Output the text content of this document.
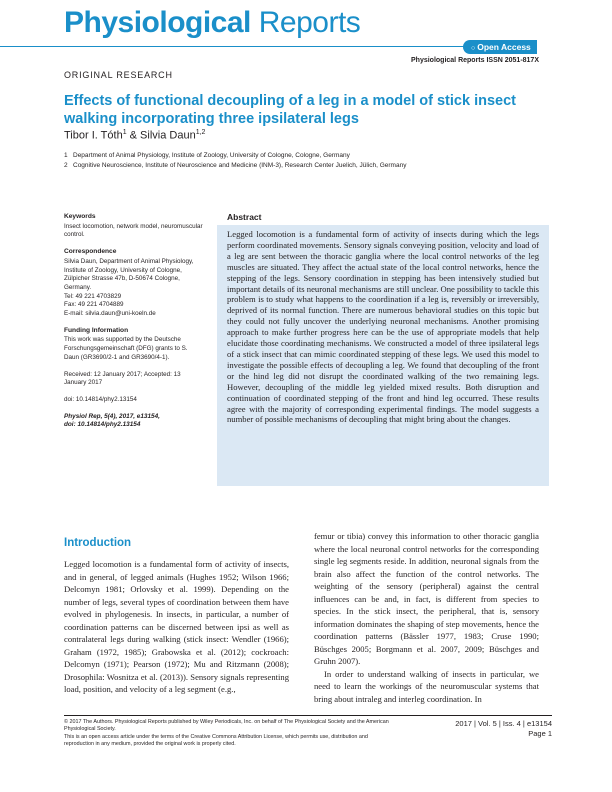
Physiological Reports
○ Open Access
Physiological Reports ISSN 2051-817X
ORIGINAL RESEARCH
Effects of functional decoupling of a leg in a model of stick insect walking incorporating three ipsilateral legs
Tibor I. Tóth$^1$ & Silvia Daun$^{1,2}$
1 Department of Animal Physiology, Institute of Zoology, University of Cologne, Cologne, Germany
2 Cognitive Neuroscience, Institute of Neuroscience and Medicine (INM-3), Research Center Juelich, Jülich, Germany
Keywords
Insect locomotion, network model, neuromuscular control.
Correspondence
Silvia Daun, Department of Animal Physiology, Institute of Zoology, University of Cologne, Zülpicher Strasse 47b, D-50674 Cologne, Germany.
Tel: 49 221 4703829
Fax: 49 221 4704889
E-mail: silvia.daun@uni-koeln.de
Funding Information
This work was supported by the Deutsche Forschungsgemeinschaft (DFG) grants to S. Daun (GR3690/2-1 and GR3690/4-1).
Received: 12 January 2017; Accepted: 13 January 2017
doi: 10.14814/phy2.13154
Physiol Rep, 5(4), 2017, e13154,
doi: 10.14814/phy2.13154
Abstract
Legged locomotion is a fundamental form of activity of insects during which the legs perform coordinated movements. Sensory signals conveying position, velocity and load of a leg are sent between the thoracic ganglia where the local control networks of the leg muscles are situated. They affect the actual state of the local control networks, hence the stepping of the legs. Sensory coordination in stepping has been intensively studied but important details of its neuronal mechanisms are still unclear. One possibility to tackle this problem is to study what happens to the coordination if a leg is, reversibly or irreversibly, deprived of its normal function. There are numerous behavioral studies on this topic but they could not fully uncover the underlying neuronal mechanisms. Another promising approach to make further progress here can be the use of appropriate models that help elucidate those coordinating mechanisms. We constructed a model of three ipsilateral legs of a stick insect that can mimic coordinated stepping of these legs. We used this model to investigate the possible effects of decoupling a leg. We found that decoupling of the front or the hind leg did not disrupt the coordinated walking of the two remaining legs. However, decoupling of the middle leg yielded mixed results. Both disruption and continuation of coordinated stepping of the front and hind leg occurred. These results agree with the majority of corresponding experimental findings. The model suggests a number of possible mechanisms of decoupling that might bring about the changes.
Introduction

Legged locomotion is a fundamental form of activity of insects, and in general, of legged animals (Hughes 1952; Wilson 1966; Delcomyn 1981; Orlovsky et al. 1999). Depending on the number of legs, several types of coordination between them have evolved in phylogenesis. In insects, in particular, a number of coordination patterns can be discerned between ipsi as well as contralateral legs during walking (stick insect: Wendler (1966); Graham (1972, 1985); Grabowska et al. (2012); cockroach: Delcomyn (1971); Pearson (1972); Mu and Ritzmann (2008); Drosophila: Wosnitza et al. (2013)). Sensory signals representing load, position, and velocity of a leg segment (e.g.,

femur or tibia) convey this information to other thoracic ganglia where the local neuronal control networks for the corresponding single leg segments reside. In addition, neuronal signals from the brain also affect the function of the control networks. The weighting of the sensory (peripheral) against the central influences can be and, in fact, is different from species to species. In the stick insect, the peripheral, that is, sensory information dominates the shaping of step movements, hence the coordination patterns (Bässler 1977, 1983; Cruse 1990; Büschges 2005; Borgmann et al. 2007, 2009; Büschges and Gruhn 2007).

In order to understand walking of insects in particular, we need to learn the workings of the neuromuscular systems that bring about intraleg and interleg coordination. In

© 2017 The Authors. Physiological Reports published by Wiley Periodicals, Inc. on behalf of The Physiological Society and the American Physiological Society.
This is an open access article under the terms of the Creative Commons Attribution License, which permits use, distribution and reproduction in any medium, provided the original work is properly cited.
2017 | Vol. 5 | Iss. 4 | e13154
Page 1
